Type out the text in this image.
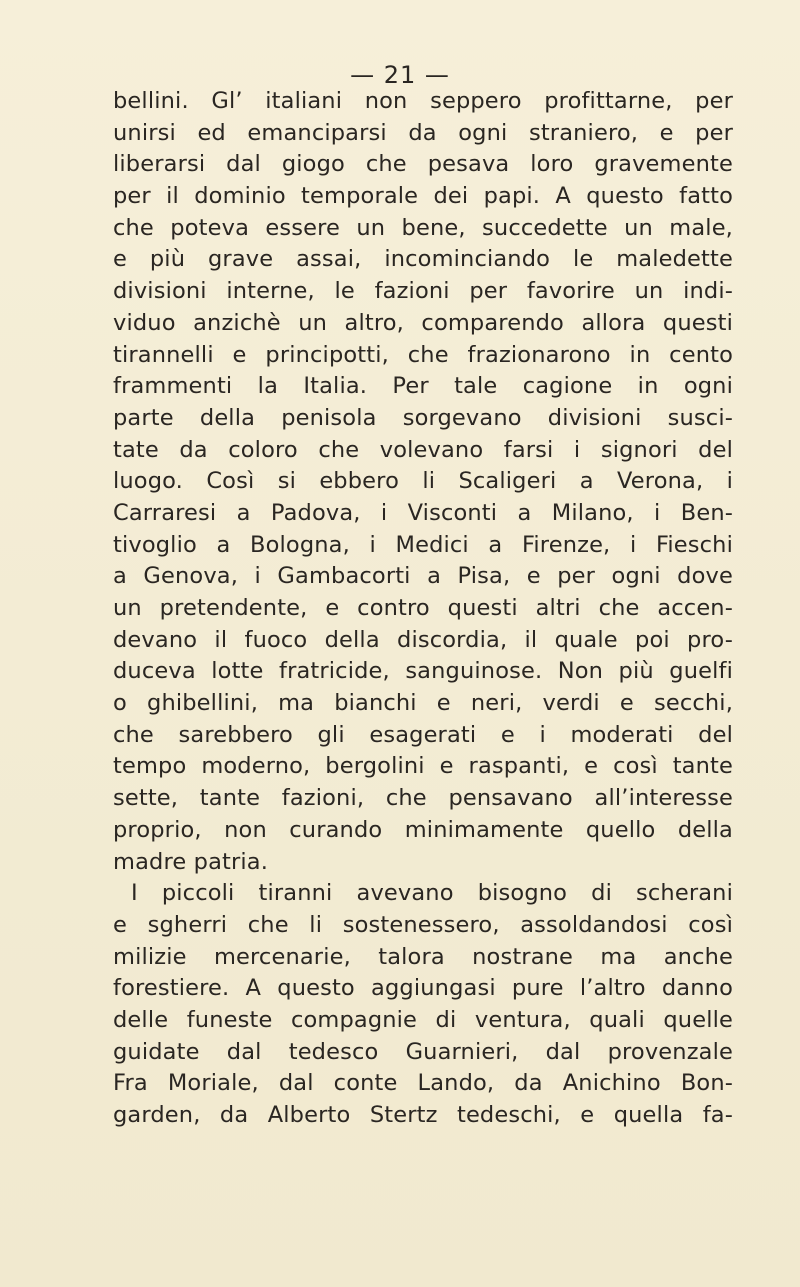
— 21 —
bellini. Gl’ italiani non seppero profittarne, per
unirsi ed emanciparsi da ogni straniero, e per
liberarsi dal giogo che pesava loro gravemente
per il dominio temporale dei papi. A questo fatto
che poteva essere un bene, succedette un male,
e più grave assai, incominciando le maledette
divisioni interne, le fazioni per favorire un indi-
viduo anzichè un altro, comparendo allora questi
tirannelli e principotti, che frazionarono in cento
frammenti la Italia. Per tale cagione in ogni
parte della penisola sorgevano divisioni susci-
tate da coloro che volevano farsi i signori del
luogo. Così si ebbero li Scaligeri a Verona, i
Carraresi a Padova, i Visconti a Milano, i Ben-
tivoglio a Bologna, i Medici a Firenze, i Fieschi
a Genova, i Gambacorti a Pisa, e per ogni dove
un pretendente, e contro questi altri che accen-
devano il fuoco della discordia, il quale poi pro-
duceva lotte fratricide, sanguinose. Non più guelfi
o ghibellini, ma bianchi e neri, verdi e secchi,
che sarebbero gli esagerati e i moderati del
tempo moderno, bergolini e raspanti, e così tante
sette, tante fazioni, che pensavano all’interesse
proprio, non curando minimamente quello della
madre patria.
I piccoli tiranni avevano bisogno di scherani
e sgherri che li sostenessero, assoldandosi così
milizie mercenarie, talora nostrane ma anche
forestiere. A questo aggiungasi pure l’altro danno
delle funeste compagnie di ventura, quali quelle
guidate dal tedesco Guarnieri, dal provenzale
Fra Moriale, dal conte Lando, da Anichino Bon-
garden, da Alberto Stertz tedeschi, e quella fa-
